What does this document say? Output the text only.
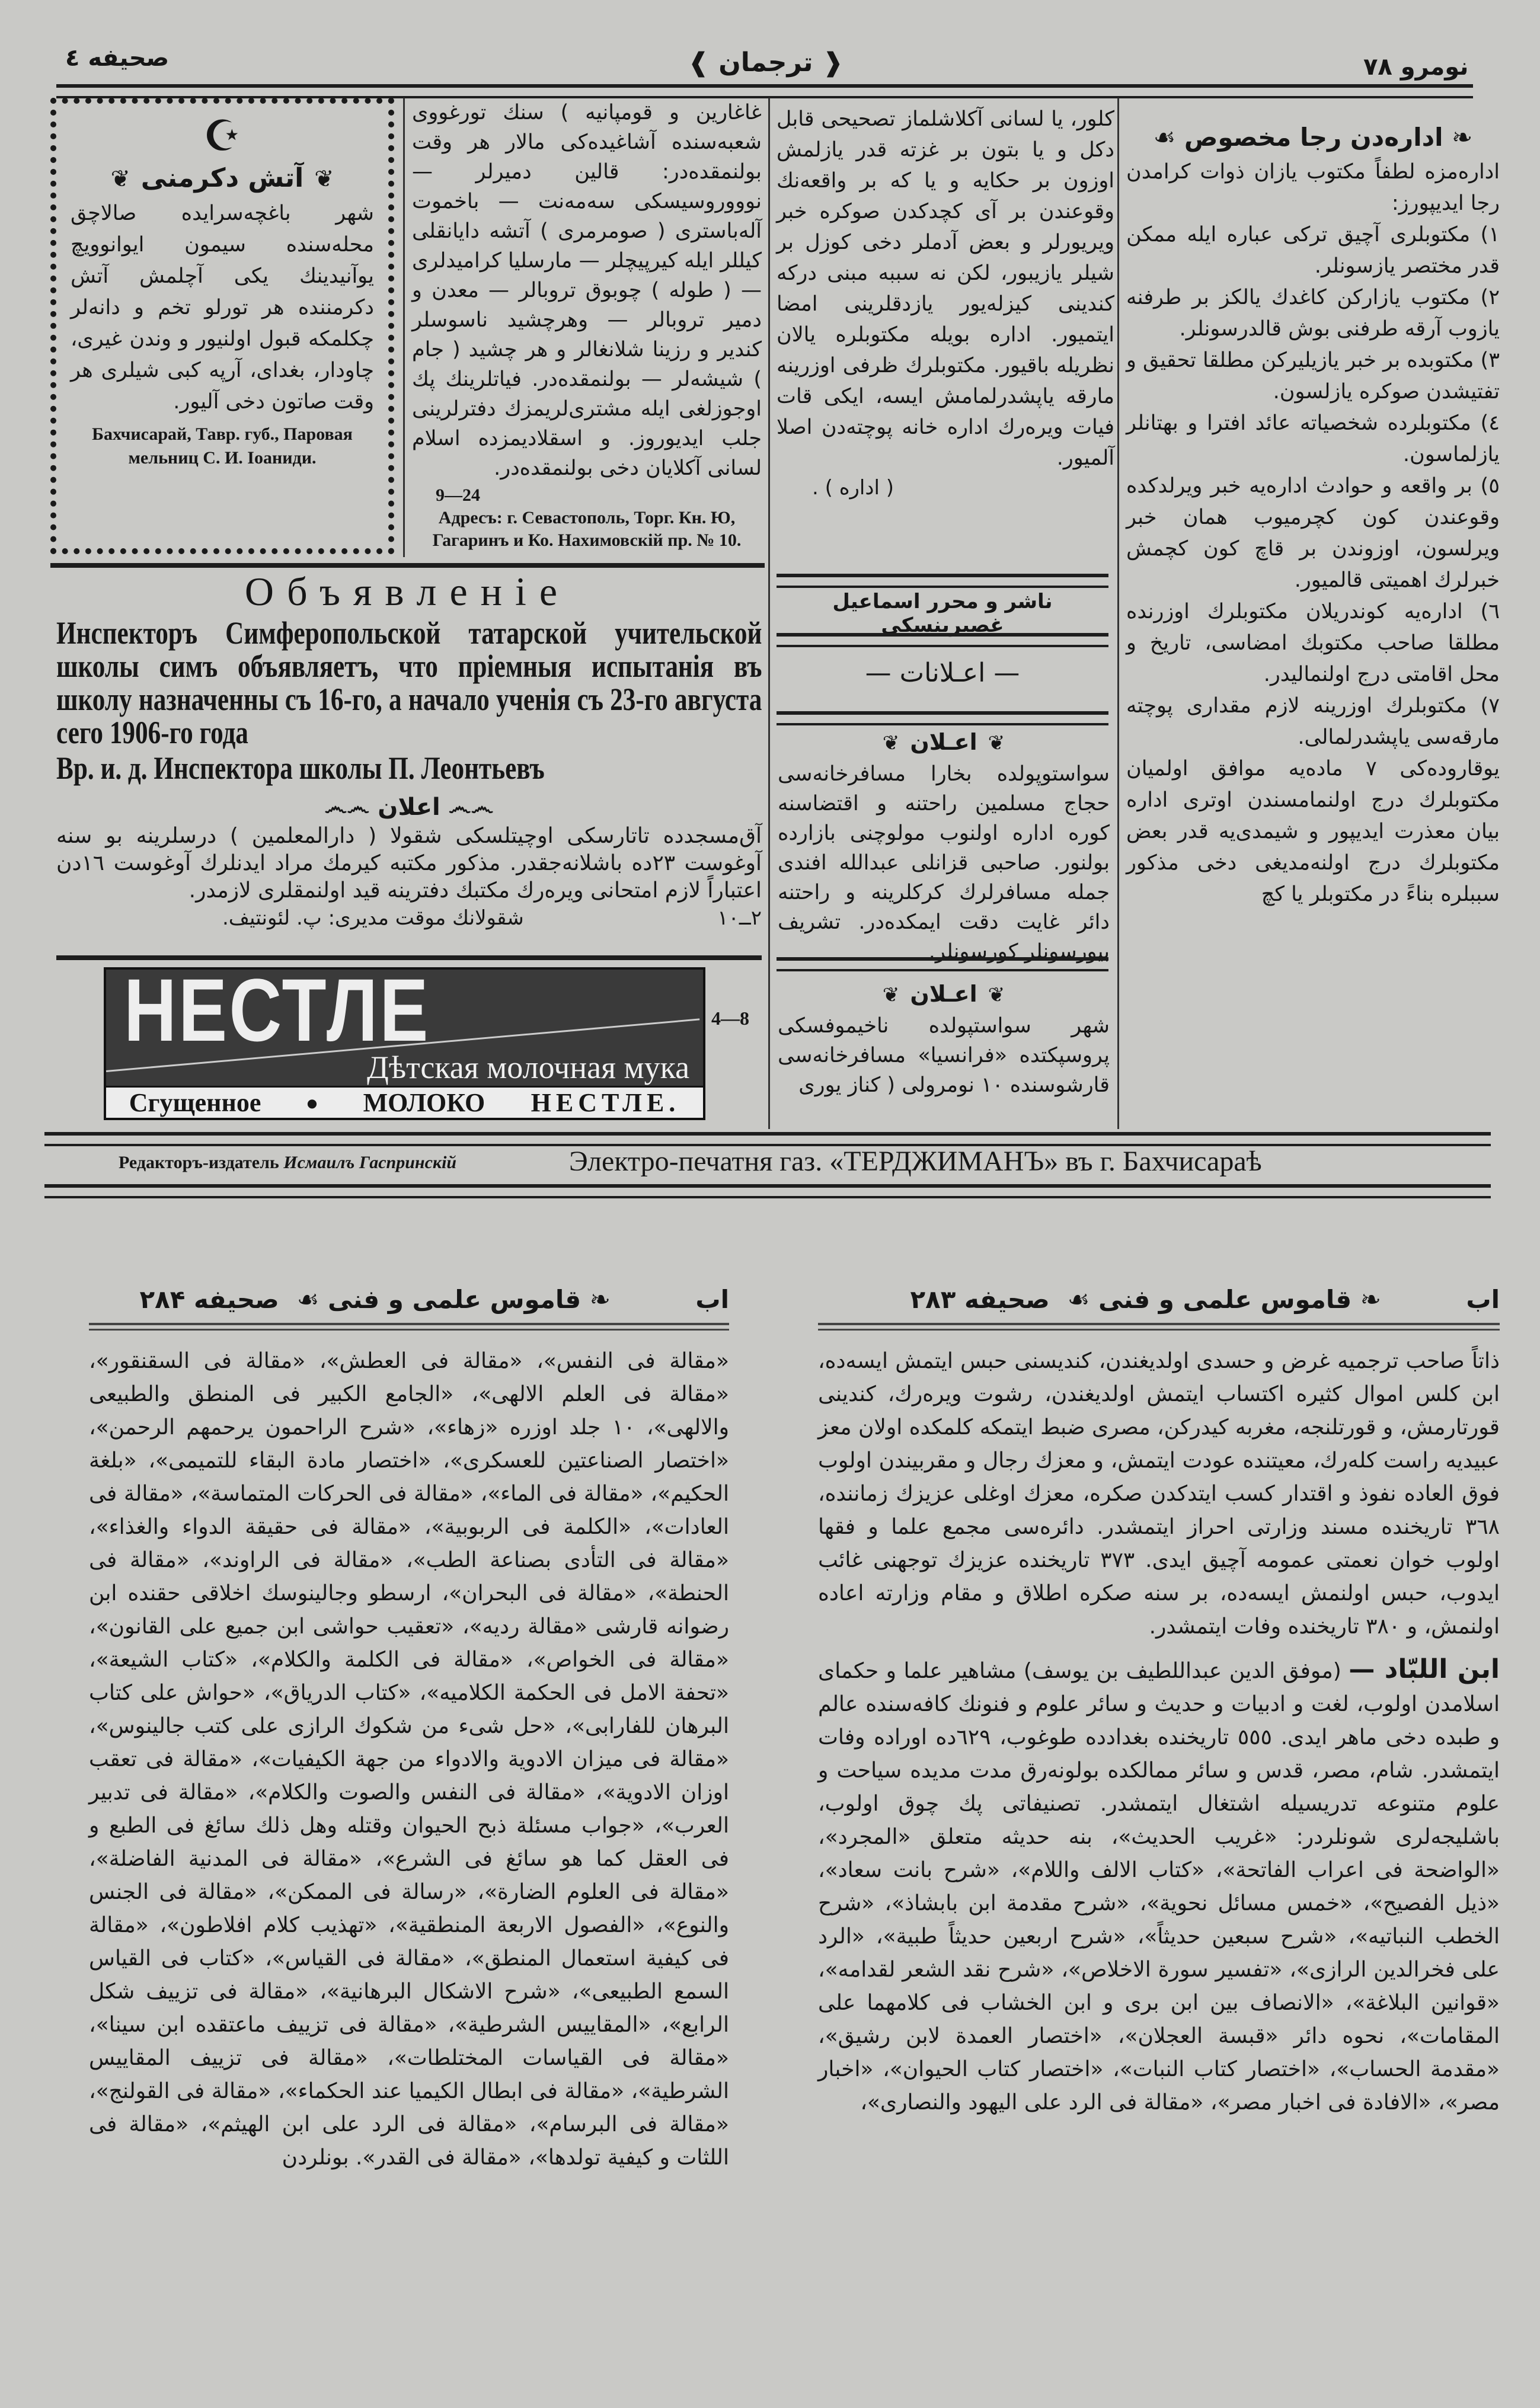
صحیفه ٤	❰ ترجمان ❱	نومرو ٧٨
☪
❦ آتش دکرمنی ❦

شهر باغچه‌سرایده صالاچق محله‌سنده سیمون ایوانوویچ یوآنیدینك یکی آچلمش آتش دکرمننده هر تورلو تخم و دانه‌لر چکلمکه قبول اولنیور و وندن غیری، چاودار، بغدای، آرپه کبی شیلری هر وقت صاتون دخی آلیور.

Бахчисарай, Тавр. губ., Паровая мельниц С. И. Іоаниди.

غاغارین و قومپانیه ) سنك تورغووی شعبه‌سنده آشاغیده‌کی مالار هر وقت بولنمقده‌در: قالین دمیرلر — نوووروسیسکی سه‌مه‌نت — باخموت آله‌باستری ( صومرمری ) آتشه دایانقلی کیللر ایله کیرپیچلر — مارسلیا کرامیدلری — ( طوله ) چوبوق تروبالر — معدن و دمیر تروبالر — وهرچشید ناسوسلر کندیر و رزینا شلانغالر و هر چشید ( جام ) شیشه‌لر — بولنمقده‌در. فیاتلرینك پك اوجوزلغی ایله مشتری‌لریمزك دفترلرینی جلب ایدیوروز. و اسقلادیمزده اسلام لسانی آکلایان دخی بولنمقده‌در.

9—24

Адресъ: г. Севастополь, Торг. Кн. Ю, Гагаринъ и Ко. Нахимовскій пр. № 10.

کلور، یا لسانی آکلاشلماز تصحیحی قابل دکل و یا بتون بر غزته قدر یازلمش اوزون بر حکایه و یا که بر واقعه‌نك وقوعندن بر آی کچدکدن صوکره خبر ویریورلر و بعض آدملر دخی کوزل بر شیلر یازیبور، لکن نه سببه مبنی درکه کندینی کیزله‌یور یازدقلرینی امضا ایتمیور. اداره بویله مکتوبلره یالان نظریله باقیور. مکتوبلرك ظرفی اوزرینه مارقه یاپشدرلمامش ایسه، ایکی قات فیات ویره‌رك اداره خانه پوچته‌دن اصلا آلمیور.

( اداره ) .
ناشر و محرر اسماعیل غصبرینسکی
— اعـلانات —
❦ اعـلان ❦

سواستوپولده بخارا مسافرخانه‌سی حجاج مسلمین راحتنه و اقتضاسنه کوره اداره اولنوب مولوچنی بازارده بولنور. صاحبی قزانلی عبدالله افندی جمله مسافرلرك کرکلرینه و راحتنه دائر غایت دقت ایمکده‌در. تشریف بیورسونلر کورسونلر.

❦ اعـلان ❦

شهر سواستپولده ناخیموفسکی پروسپکتده «فرانسیا» مسافرخانه‌سی قارشوسنده ١٠ نومرولی ( کناز یوری

❧ اداره‌دن رجا مخصوص ☙

اداره‌مزه لطفاً مکتوب یازان ذوات کرامدن رجا ایدیپورز:

١) مکتوبلری آچیق ترکی عباره ایله ممکن قدر مختصر یازسونلر.

٢) مکتوب یازارکن کاغدك یالکز بر طرفنه یازوب آرقه طرفنی بوش قالدرسونلر.

٣) مکتوبده بر خبر یازیلیرکن مطلقا تحقیق و تفتیشدن صوکره یازلسون.

٤) مکتوبلرده شخصیاته عائد افترا و بهتانلر یازلماسون.

٥) بر واقعه و حوادث اداره‌یه خبر ویرلدکده وقوعندن کون کچرمیوب همان خبر ویرلسون، اوزوندن بر قاچ کون کچمش خبرلرك اهمیتی قالمیور.

٦) اداره‌یه کوندریلان مکتوبلرك اوزرنده مطلقا صاحب مکتوبك امضاسی، تاریخ و محل اقامتی درج اولنمالیدر.

٧) مکتوبلرك اوزرینه لازم مقداری پوچته مارقه‌سی یاپشدرلمالی.

یوقاروده‌کی ٧ ماده‌یه موافق اولمیان مکتوبلرك درج اولنمامسندن اوتری اداره بیان معذرت ایدیپور و شیمدی‌یه قدر بعض مکتوبلرك درج اولنه‌مدیغی دخی مذکور سببلره بناءً در مکتوبلر یا کچ

Объявленіе

Инспекторъ Симферопольской татарской учительской школы симъ объявляетъ, что пріемныя испытанія въ школу назначенны съ 16-го, а начало ученія съ 23-го августа сего 1906-го года

Вр. и. д. Инспектора школы П. Леонтьевъ
෴෴ اعلان ෴෴

آق‌مسجدده تاتارسکی اوچیتلسکی شقولا ( دارالمعلمین ) درسلرینه بو سنه آوغوست ٢٣ده باشلانه‌جقدر. مذکور مکتبه کیرمك مراد ایدنلرك آوغوست ١٦دن اعتباراً لازم امتحانی ویره‌رك مکتبك دفترینه قید اولنمقلری لازمدر.

٢ــ١٠
شقولانك موقت مدیری: پ. لئونتیف.
НЕСТЛЕ
Дѣтская молочная мука
Сгущенное	● МОЛОКО НЕСТЛЕ.
4—8
Редакторъ-издатель Исмаилъ Гаспринскій	Электро-печатня газ. «ТЕРДЖИМАНЪ» въ г. Бахчисараѣ
اب
❧ قاموس علمی و فنی ☙
صحیفه ۲۸۴

«مقالة فی النفس»، «مقالة فی العطش»، «مقالة فی السقنقور»، «مقالة فی العلم الالهی»، «الجامع الکبیر فی المنطق والطبیعی والالهی»، ١٠ جلد اوزره «زهاء»، «شرح الراحمون یرحمهم الرحمن»، «اختصار الصناعتین للعسکری»، «اختصار مادة البقاء للتمیمی»، «بلغة الحکیم»، «مقالة فی الماء»، «مقالة فی الحرکات المتماسة»، «مقالة فی العادات»، «الکلمة فی الربوبیة»، «مقالة فی حقیقة الدواء والغذاء»، «مقالة فی التأدی بصناعة الطب»، «مقالة فی الراوند»، «مقالة فی الحنطة»، «مقالة فی البحران»، ارسطو وجالینوسك اخلاقی حقنده ابن رضوانه قارشی «مقالة ردیه»، «تعقیب حواشی ابن جمیع علی القانون»، «مقالة فی الخواص»، «مقالة فی الکلمة والکلام»، «کتاب الشیعة»، «تحفة الامل فی الحکمة الکلامیه»، «کتاب الدریاق»، «حواش علی کتاب البرهان للفارابی»، «حل شیء من شکوك الرازی علی کتب جالینوس»، «مقالة فی میزان الادویة والادواء من جهة الکیفیات»، «مقالة فی تعقب اوزان الادویة»، «مقالة فی النفس والصوت والکلام»، «مقالة فی تدبیر العرب»، «جواب مسئلة ذبح الحیوان وقتله وهل ذلك سائغ فی الطبع و فی العقل کما هو سائغ فی الشرع»، «مقالة فی المدنیة الفاضلة»، «مقالة فی العلوم الضارة»، «رسالة فی الممکن»، «مقالة فی الجنس والنوع»، «الفصول الاربعة المنطقیة»، «تهذیب کلام افلاطون»، «مقالة فی کیفیة استعمال المنطق»، «مقالة فی القیاس»، «کتاب فی القیاس السمع الطبیعی»، «شرح الاشکال البرهانیة»، «مقالة فی تزییف شکل الرابع»، «المقاییس الشرطیة»، «مقالة فی تزییف ماعتقده ابن سینا»، «مقالة فی القیاسات المختلطات»، «مقالة فی تزییف المقاییس الشرطیة»، «مقالة فی ابطال الکیمیا عند الحکماء»، «مقالة فی القولنج»، «مقالة فی البرسام»، «مقالة فی الرد علی ابن الهیثم»، «مقالة فی اللثات و کیفیة تولدها»، «مقالة فی القدر». بونلردن

اب
❧ قاموس علمی و فنی ☙
صحیفه ۲۸۳

ذاتاً صاحب ترجمیه غرض و حسدی اولدیغندن، کندیسنی حبس ایتمش ایسه‌ده، ابن کلس اموال کثیره اکتساب ایتمش اولدیغندن، رشوت ویره‌رك، کندینی قورتارمش، و قورتلنجه، مغربه کیدرکن، مصری ضبط ایتمکه کلمکده اولان معز عبیدیه راست کله‌رك، معیتنده عودت ایتمش، و معزك رجال و مقربیندن اولوب فوق العاده نفوذ و اقتدار کسب ایتدکدن صکره، معزك اوغلی عزیزك زماننده، ٣٦٨ تاریخنده مسند وزارتی احراز ایتمشدر. دائره‌سی مجمع علما و فقها اولوب خوان نعمتی عمومه آچیق ایدی. ٣٧٣ تاریخنده عزیزك توجهنی غائب ایدوب، حبس اولنمش ایسه‌ده، بر سنه صکره اطلاق و مقام وزارته اعاده اولنمش، و ٣٨٠ تاریخنده وفات ایتمشدر.

ابن اللبّاد — (موفق الدین عبداللطیف بن یوسف) مشاهیر علما و حکمای اسلامدن اولوب، لغت و ادبیات و حدیث و سائر علوم و فنونك کافه‌سنده عالم و طبده دخی ماهر ایدی. ٥٥٥ تاریخنده بغدادده طوغوب، ٦٢٩ده اوراده وفات ایتمشدر. شام، مصر، قدس و سائر ممالکده بولونه‌رق مدت مدیده سیاحت و علوم متنوعه تدریسیله اشتغال ایتمشدر. تصنیفاتی پك چوق اولوب، باشلیجه‌لری شونلردر: «غریب الحدیث»، بنه حدیثه متعلق «المجرد»، «الواضحة فی اعراب الفاتحة»، «کتاب الالف واللام»، «شرح بانت سعاد»، «ذیل الفصیح»، «خمس مسائل نحویة»، «شرح مقدمة ابن بابشاذ»، «شرح الخطب النباتیه»، «شرح سبعین حدیثاً»، «شرح اربعین حدیثاً طبیة»، «الرد علی فخرالدین الرازی»، «تفسیر سورة الاخلاص»، «شرح نقد الشعر لقدامه»، «قوانین البلاغة»، «الانصاف بین ابن بری و ابن الخشاب فی کلامهما علی المقامات»، نحوه دائر «قبسة العجلان»، «اختصار العمدة لابن رشیق»، «مقدمة الحساب»، «اختصار کتاب النبات»، «اختصار کتاب الحیوان»، «اخبار مصر»، «الافادة فی اخبار مصر»، «مقالة فی الرد علی الیهود والنصاری»،
